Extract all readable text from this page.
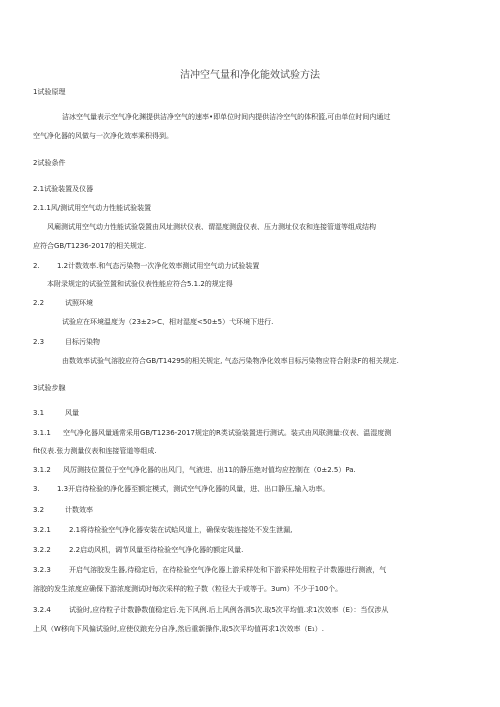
洁冲空气量和净化能效试验方法
1试验原理
洁冰空气量表示空气净化渊提供洁净空气的速率•即单位时间内提供洁冷空气的体积篮,可由单位时间内通过
空气净化器的风做与一次净化效率乘积得到。
2试验条件
2.1试验装置及仪器
2.1.1风/测试用空气动力性能试验装置
风廟测试用空气动力性能试验袋置由风址测状仪表、谓湿度测盘仪表、压力测址仪农和连接管道等组成结构
应符合GB/T1236-2017的相关规定.
2. 1.2计数效率.和气态污染物一次净化效率测试用空气动力试验装置
本附录规定的试验笠置和试验仪表性能应符合5.1.2的规定得
2.2	试照环境
试验应在环境温度为（23±2>C、相对湿度<50±5）弋环境下进行.
2.3	目标污染物
由数效率试验气溶胶应符合GB/T14295的相关规定, 气态污染物净化效率目标污染物应符合附录F的相关规定.
3试验步腺
3.1	风量
3.1.1 空气净化器风量通常采用GB/T1236-2017规定的R类试验装置进行测试。装式由风联测量:仪表、温湿度测
fit仪表.张力测量仪表和连接管道等组成.
3.1.2 风厉测技位置位于空气净化器的出风门，气液进、出11的静压绝对值均应控制在（0±2.5）Pa.
3. 1.3开启待检验的净化器至额定模式，测试空气净化器的风量，进、出口静压,输入功率。
3.2	计数效率
3.2.1	2.1将待检验空气净化器安装在试蛤风道上，确保安装连接处不发生泄漏,
3.2.2	2.2启动风机，调节风量至待检验空气净化器的额定风量.
3.2.3	开启气溶胶发生器,待稳定后，在待检验空气净化器上游采样处和下游采样处用粒子计数器进行测液，气
溶胶的发生浓度应确保下游浓度测试时毎次采样的粒子数（粒径大于或等于。3um）不少于100个。
3.2.4	试验时,应待粒子计数静数值稳定后.先下风例.后上风例各泗5次.取5次平均值.求1次效率（E）：当仅涉从
上风（W移向下风偏试验时,应使仪踉充分自净,然后重新操作,取5次平均值再求1次效率（E₁）.
